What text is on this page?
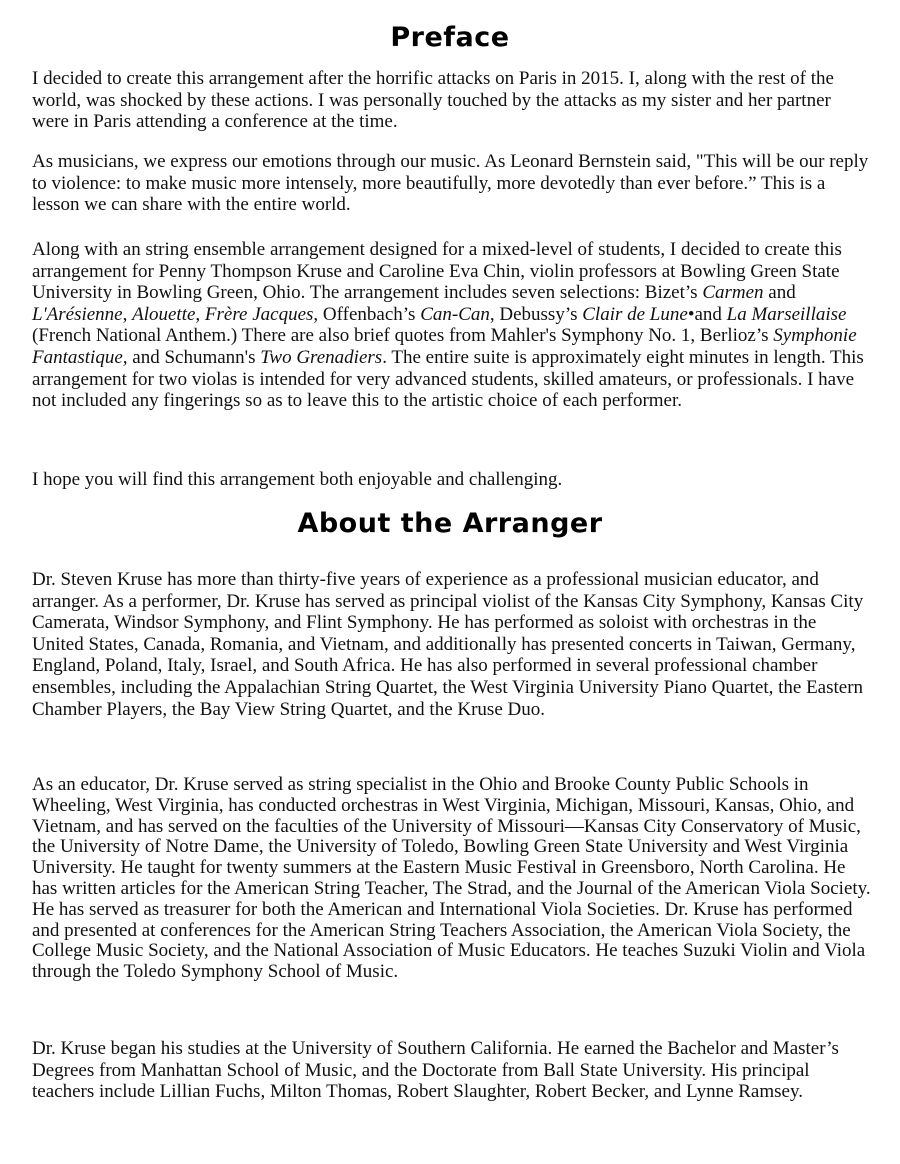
Preface

I decided to create this arrangement after the horrific attacks on Paris in 2015. I, along with the rest of the world, was shocked by these actions. I was personally touched by the attacks as my sister and her partner were in Paris attending a conference at the time.

As musicians, we express our emotions through our music. As Leonard Bernstein said, "This will be our reply to violence: to make music more intensely, more beautifully, more devotedly than ever before.” This is a lesson we can share with the entire world.

Along with an string ensemble arrangement designed for a mixed-level of students, I decided to create this arrangement for Penny Thompson Kruse and Caroline Eva Chin, violin professors at Bowling Green State University in Bowling Green, Ohio. The arrangement includes seven selections: Bizet’s Carmen and L'Arésienne, Alouette, Frère Jacques, Offenbach’s Can-Can, Debussy’s Clair de Lune•and La Marseillaise (French National Anthem.) There are also brief quotes from Mahler's Symphony No. 1, Berlioz’s Symphonie Fantastique, and Schumann's Two Grenadiers. The entire suite is approximately eight minutes in length. This arrangement for two violas is intended for very advanced students, skilled amateurs, or professionals. I have not included any fingerings so as to leave this to the artistic choice of each performer.

I hope you will find this arrangement both enjoyable and challenging.

About the Arranger

Dr. Steven Kruse has more than thirty-five years of experience as a professional musician educator, and arranger. As a performer, Dr. Kruse has served as principal violist of the Kansas City Symphony, Kansas City Camerata, Windsor Symphony, and Flint Symphony. He has performed as soloist with orchestras in the United States, Canada, Romania, and Vietnam, and additionally has presented concerts in Taiwan, Germany, England, Poland, Italy, Israel, and South Africa. He has also performed in several professional chamber ensembles, including the Appalachian String Quartet, the West Virginia University Piano Quartet, the Eastern Chamber Players, the Bay View String Quartet, and the Kruse Duo.

As an educator, Dr. Kruse served as string specialist in the Ohio and Brooke County Public Schools in Wheeling, West Virginia, has conducted orchestras in West Virginia, Michigan, Missouri, Kansas, Ohio, and Vietnam, and has served on the faculties of the University of Missouri—Kansas City Conservatory of Music, the University of Notre Dame, the University of Toledo, Bowling Green State University and West Virginia University. He taught for twenty summers at the Eastern Music Festival in Greensboro, North Carolina. He has written articles for the American String Teacher, The Strad, and the Journal of the American Viola Society. He has served as treasurer for both the American and International Viola Societies. Dr. Kruse has performed and presented at conferences for the American String Teachers Association, the American Viola Society, the College Music Society, and the National Association of Music Educators. He teaches Suzuki Violin and Viola through the Toledo Symphony School of Music.

Dr. Kruse began his studies at the University of Southern California. He earned the Bachelor and Master’s Degrees from Manhattan School of Music, and the Doctorate from Ball State University. His principal teachers include Lillian Fuchs, Milton Thomas, Robert Slaughter, Robert Becker, and Lynne Ramsey.
